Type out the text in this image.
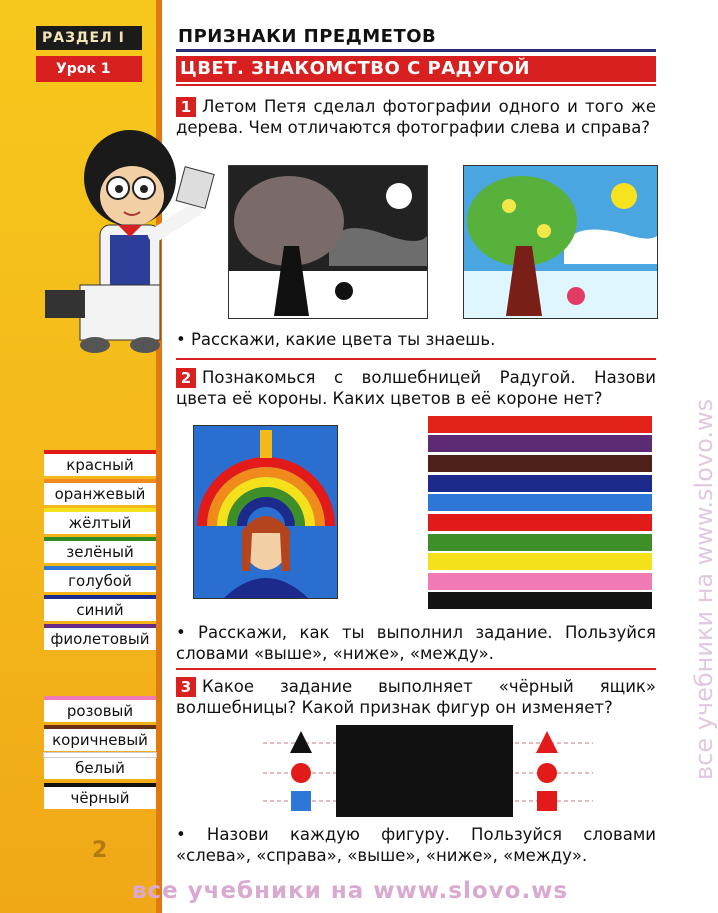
РАЗДЕЛ I
Урок 1
ПРИЗНАКИ ПРЕДМЕТОВ
ЦВЕТ. ЗНАКОМСТВО С РАДУГОЙ
1 Летом Петя сделал фотографии одного и того же дерева. Чем отличаются фотографии слева и справа?
• Расскажи, какие цвета ты знаешь.
2 Познакомься с волшебницей Радугой. Назови цвета её короны. Каких цветов в её короне нет?
• Расскажи, как ты выполнил задание. Пользуйся словами «выше», «ниже», «между».
3 Какое задание выполняет «чёрный ящик» волшебницы? Какой признак фигур он изменяет?
• Назови каждую фигуру. Пользуйся словами «слева», «справа», «выше», «ниже», «между».
красный
оранжевый
жёлтый
зелёный
голубой
синий
фиолетовый
розовый
коричневый
белый
чёрный
2
все учебники на www.slovo.ws
все учебники на www.slovo.ws
